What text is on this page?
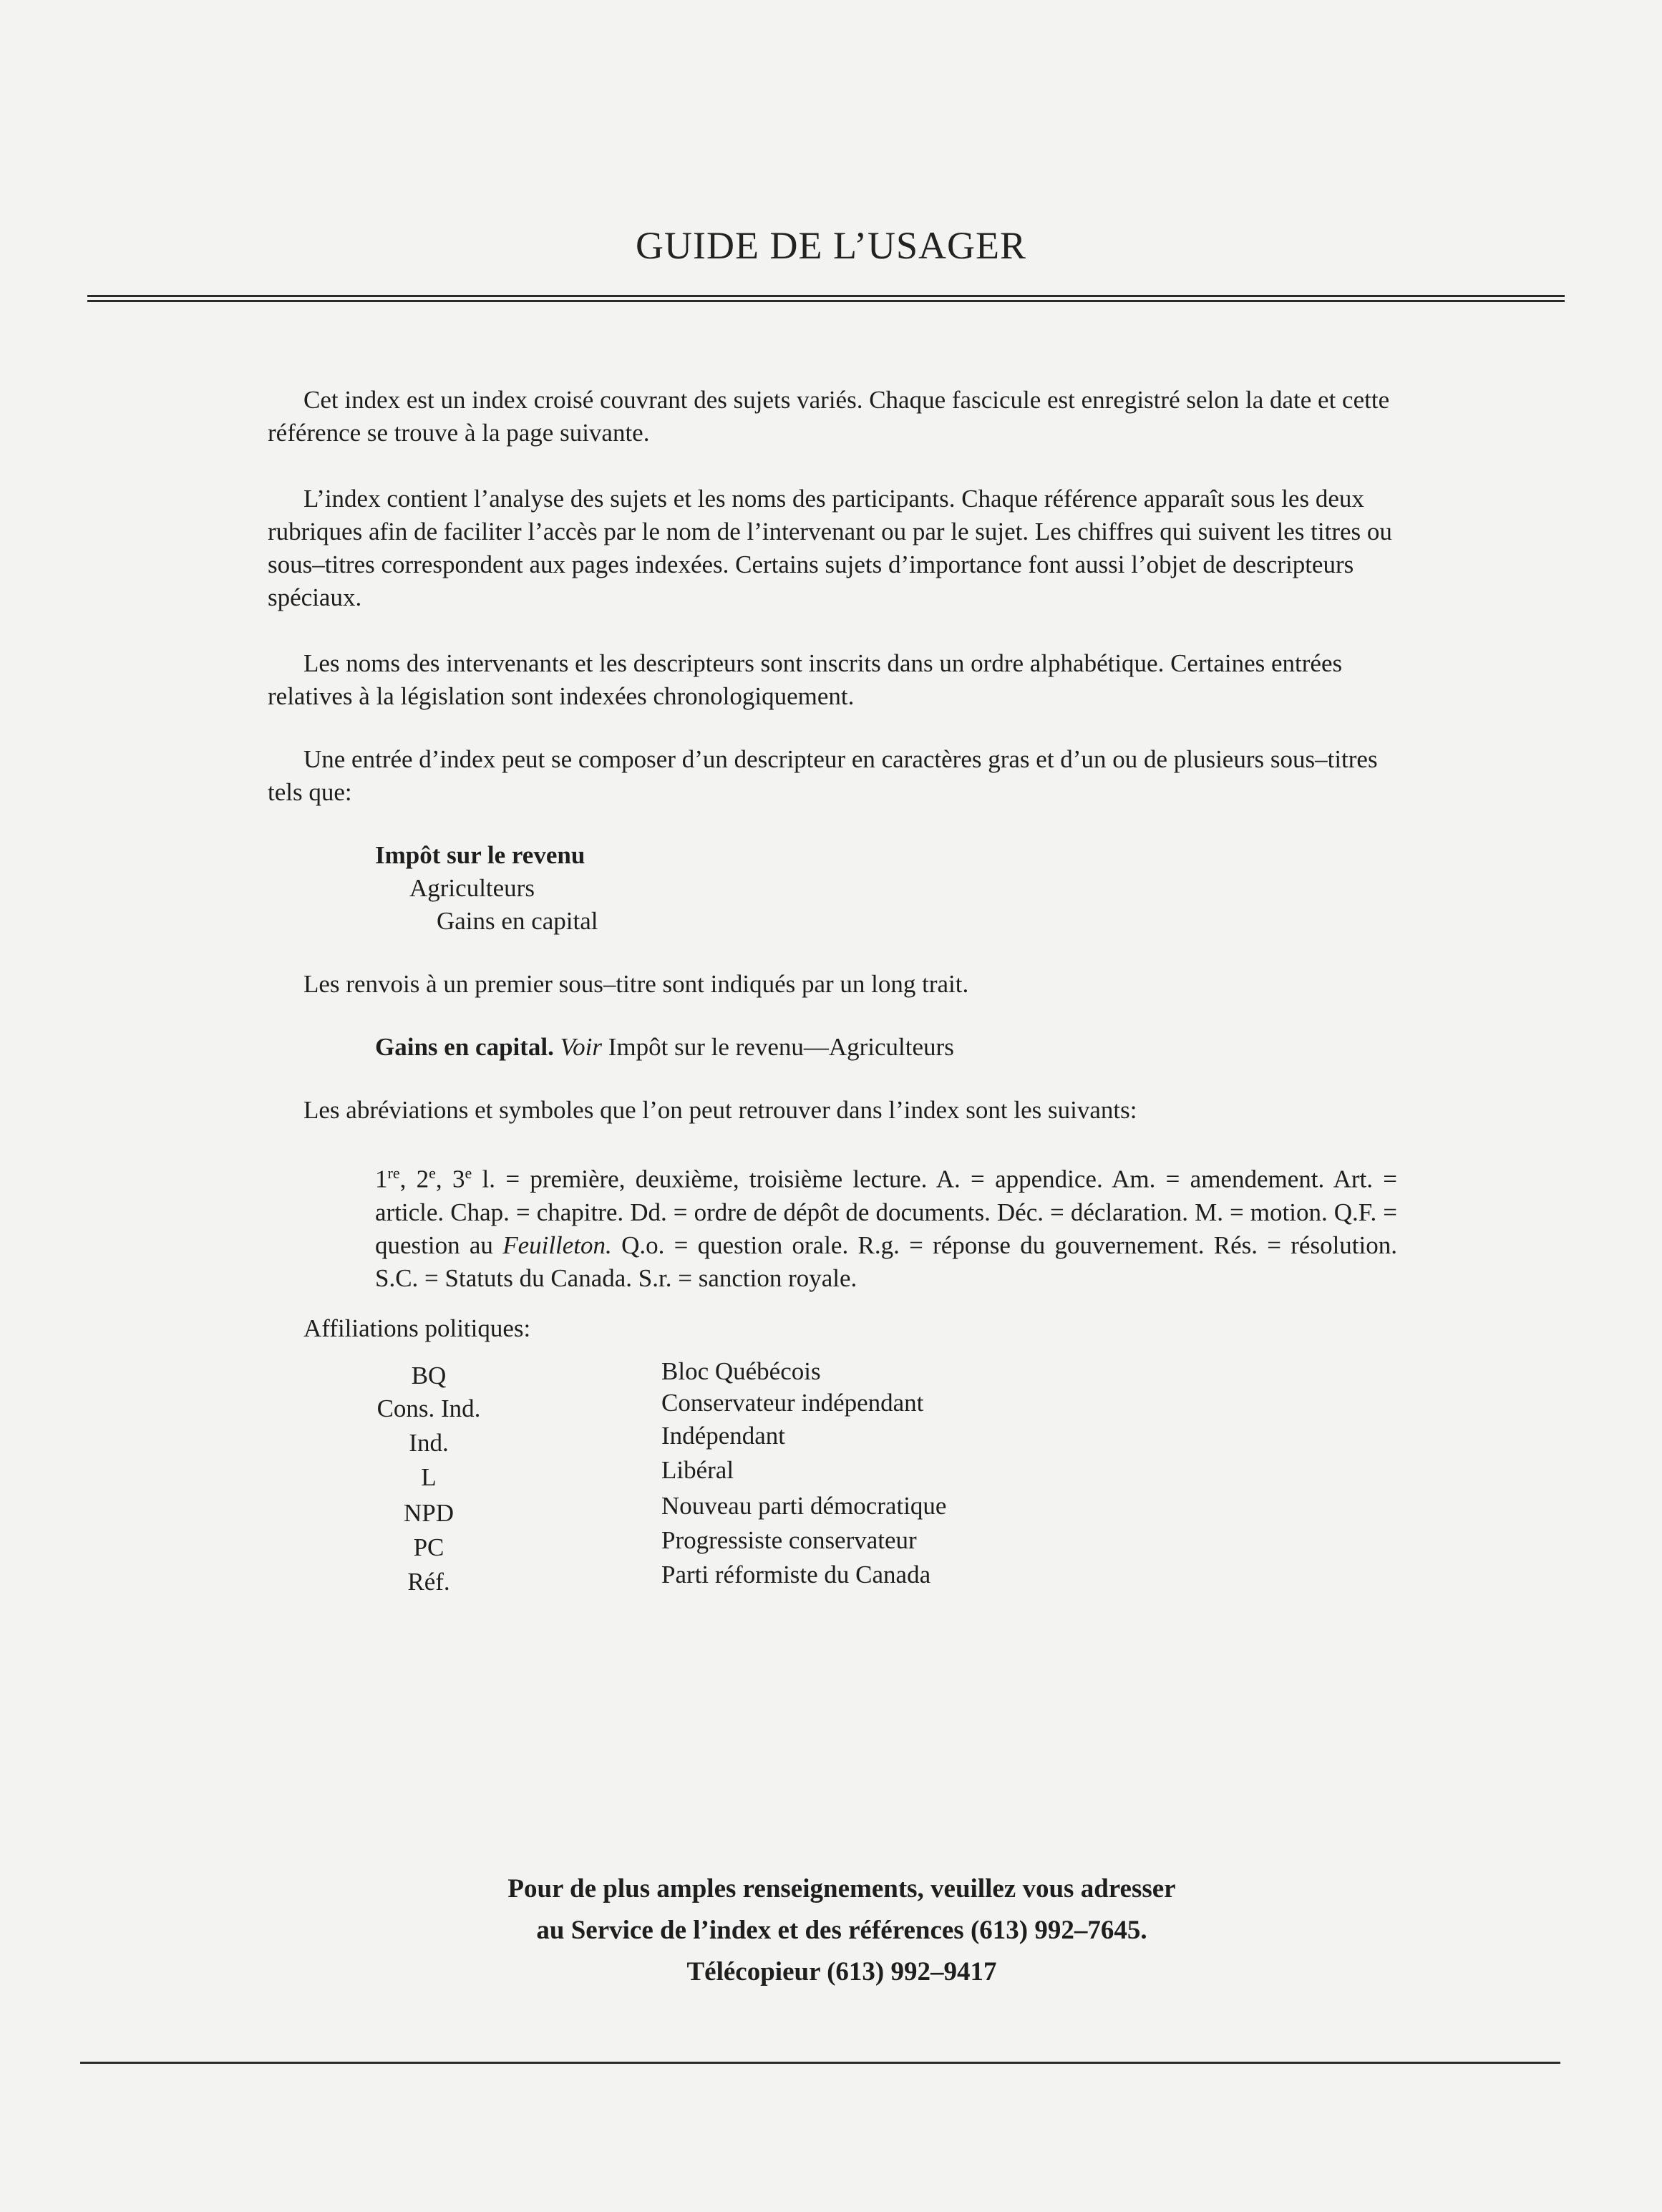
GUIDE DE L’USAGER

Cet index est un index croisé couvrant des sujets variés. Chaque fascicule est enregistré selon la date et cette référence se trouve à la page suivante.

L’index contient l’analyse des sujets et les noms des participants. Chaque référence apparaît sous les deux rubriques afin de faciliter l’accès par le nom de l’intervenant ou par le sujet. Les chiffres qui suivent les titres ou sous–titres correspondent aux pages indexées. Certains sujets d’importance font aussi l’objet de descripteurs spéciaux.

Les noms des intervenants et les descripteurs sont inscrits dans un ordre alphabétique. Certaines entrées relatives à la législation sont indexées chronologiquement.

Une entrée d’index peut se composer d’un descripteur en caractères gras et d’un ou de plusieurs sous–titres tels que:

Impôt sur le revenu
Agriculteurs
Gains en capital

Les renvois à un premier sous–titre sont indiqués par un long trait.

Gains en capital. Voir Impôt sur le revenu—Agriculteurs

Les abréviations et symboles que l’on peut retrouver dans l’index sont les suivants:

1re, 2e, 3e l. = première, deuxième, troisième lecture. A. = appendice. Am. = amendement. Art. = article. Chap. = chapitre. Dd. = ordre de dépôt de documents. Déc. = déclaration. M. = motion. Q.F. = question au Feuilleton. Q.o. = question orale. R.g. = réponse du gouvernement. Rés. = résolution. S.C. = Statuts du Canada. S.r. = sanction royale.
Affiliations politiques:
BQ	Bloc Québécois
Cons. Ind.	Conservateur indépendant
Ind.	Indépendant
L	Libéral
NPD	Nouveau parti démocratique
PC	Progressiste conservateur
Réf.	Parti réformiste du Canada
Pour de plus amples renseignements, veuillez vous adresser
au Service de l’index et des références (613) 992–7645.
Télécopieur (613) 992–9417
